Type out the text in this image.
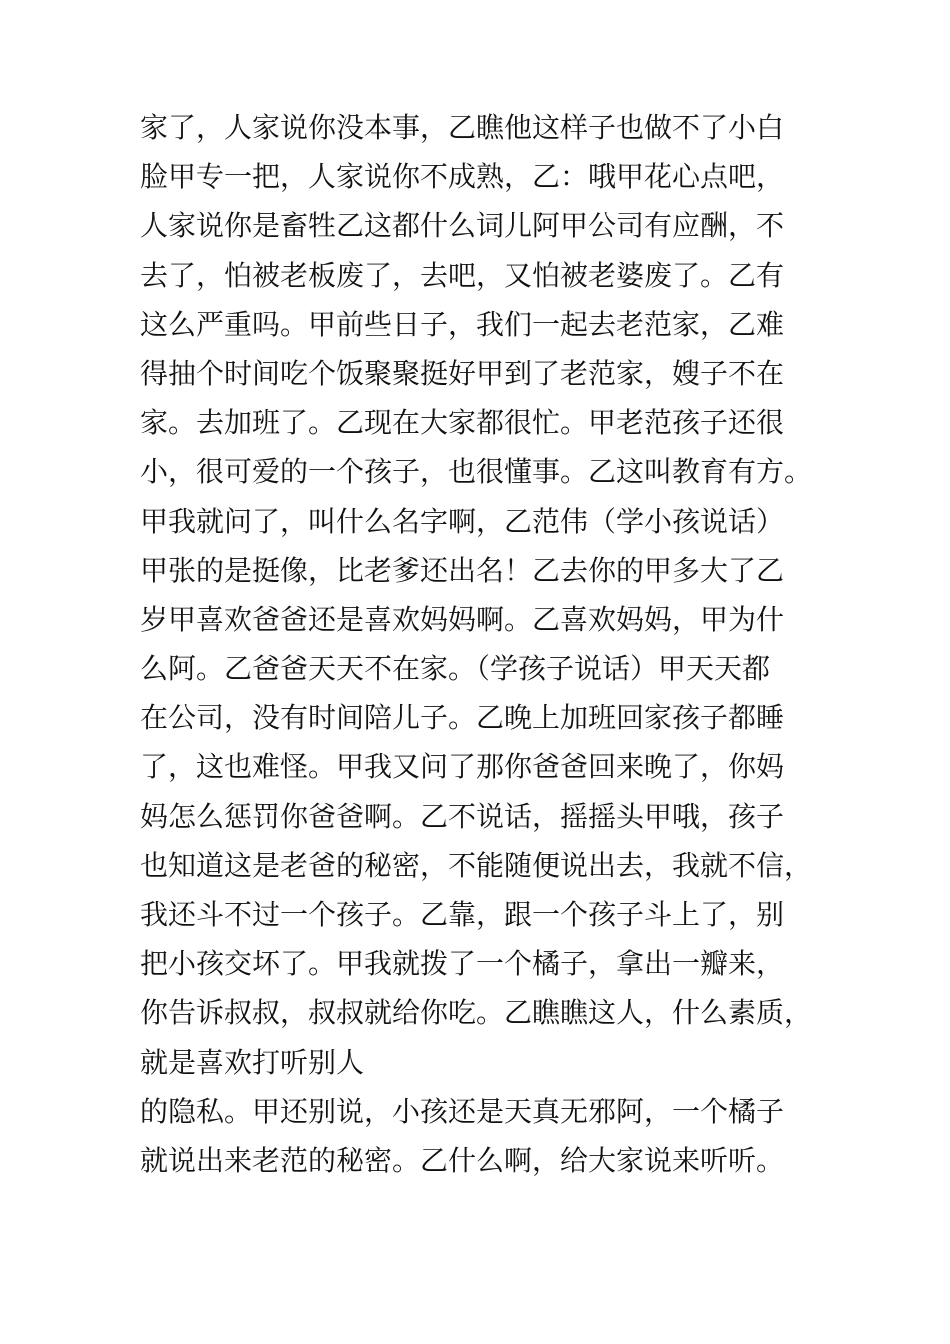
家了，人家说你没本事，乙瞧他这样子也做不了小白
脸甲专一把，人家说你不成熟，乙：哦甲花心点吧，
人家说你是畜牲乙这都什么词儿阿甲公司有应酬，不
去了，怕被老板废了，去吧，又怕被老婆废了。乙有
这么严重吗。甲前些日子，我们一起去老范家，乙难
得抽个时间吃个饭聚聚挺好甲到了老范家，嫂子不在
家。去加班了。乙现在大家都很忙。甲老范孩子还很
小，很可爱的一个孩子，也很懂事。乙这叫教育有方。
甲我就问了，叫什么名字啊，乙范伟（学小孩说话）
甲张的是挺像，比老爹还出名！乙去你的甲多大了乙
岁甲喜欢爸爸还是喜欢妈妈啊。乙喜欢妈妈，甲为什
么阿。乙爸爸天天不在家。（学孩子说话）甲天天都
在公司，没有时间陪儿子。乙晚上加班回家孩子都睡
了，这也难怪。甲我又问了那你爸爸回来晚了，你妈
妈怎么惩罚你爸爸啊。乙不说话，摇摇头甲哦，孩子
也知道这是老爸的秘密，不能随便说出去，我就不信，
我还斗不过一个孩子。乙靠，跟一个孩子斗上了，别
把小孩交坏了。甲我就拨了一个橘子，拿出一瓣来，
你告诉叔叔，叔叔就给你吃。乙瞧瞧这人，什么素质，
就是喜欢打听别人
的隐私。甲还别说，小孩还是天真无邪阿，一个橘子
就说出来老范的秘密。乙什么啊，给大家说来听听。
